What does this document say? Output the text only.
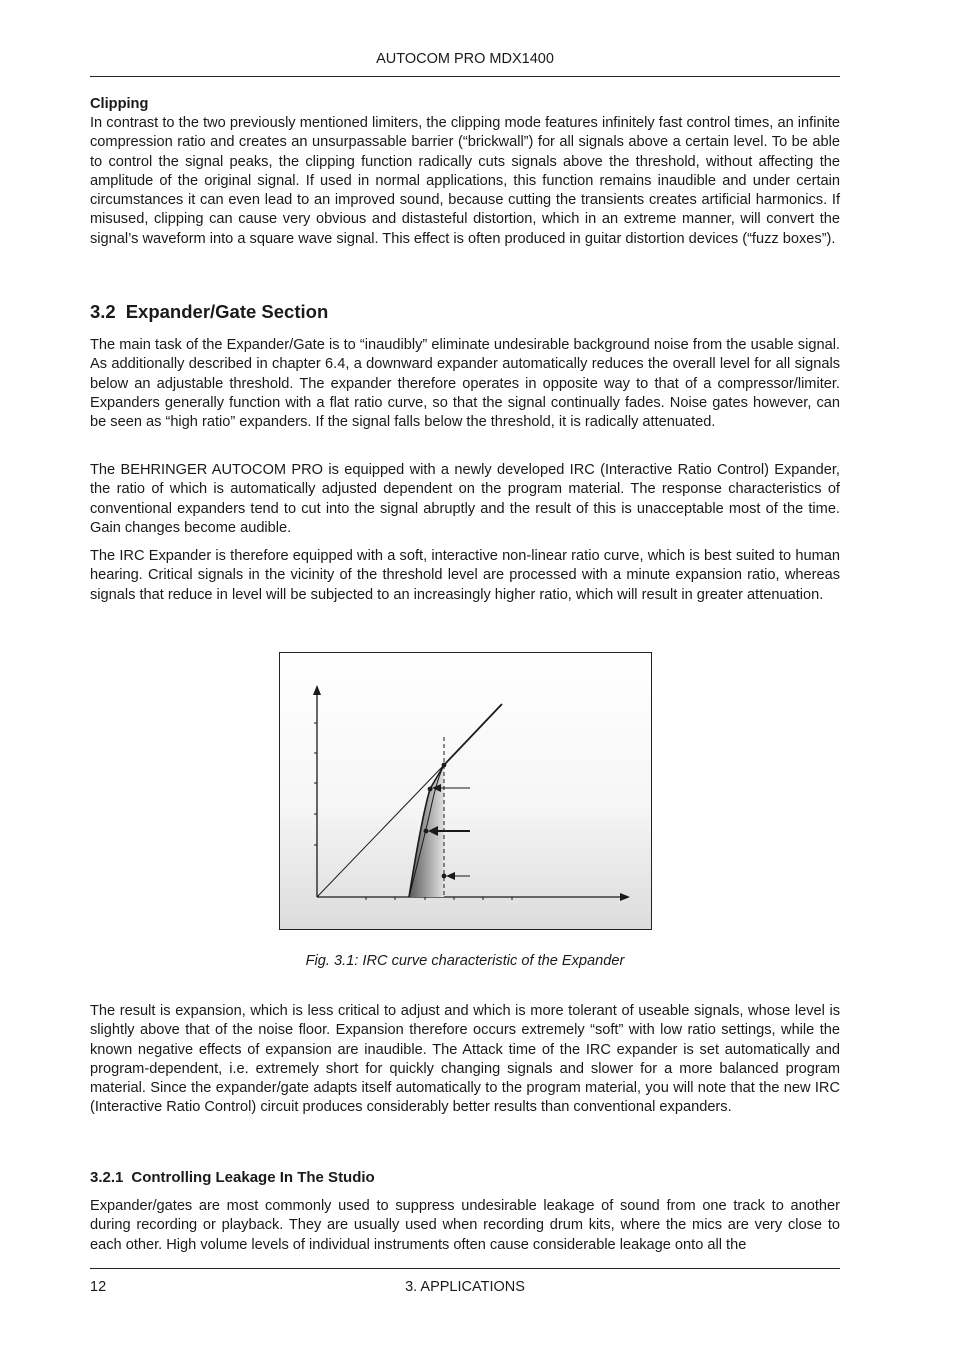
AUTOCOM PRO MDX1400
Clipping

In contrast to the two previously mentioned limiters, the clipping mode features infinitely fast control times, an infinite compression ratio and creates an unsurpassable barrier (“brickwall”) for all signals above a certain level. To be able to control the signal peaks, the clipping function radically cuts signals above the threshold, without affecting the amplitude of the original signal. If used in normal applications, this function remains inaudible and under certain circumstances it can even lead to an improved sound, because cutting the transients creates artificial harmonics. If misused, clipping can cause very obvious and distasteful distortion, which in an extreme manner, will convert the signal’s waveform into a square wave signal. This effect is often produced in guitar distortion devices (“fuzz boxes”).

3.2 Expander/Gate Section

The main task of the Expander/Gate is to “inaudibly” eliminate undesirable background noise from the usable signal. As additionally described in chapter 6.4, a downward expander automatically reduces the overall level for all signals below an adjustable threshold. The expander therefore operates in opposite way to that of a compressor/limiter. Expanders generally function with a flat ratio curve, so that the signal continually fades. Noise gates however, can be seen as “high ratio” expanders. If the signal falls below the threshold, it is radically attenuated.

The BEHRINGER AUTOCOM PRO is equipped with a newly developed IRC (Interactive Ratio Control) Expander, the ratio of which is automatically adjusted dependent on the program material. The response characteristics of conventional expanders tend to cut into the signal abruptly and the result of this is unacceptable most of the time. Gain changes become audible.

The IRC Expander is therefore equipped with a soft, interactive non-linear ratio curve, which is best suited to human hearing. Critical signals in the vicinity of the threshold level are processed with a minute expansion ratio, whereas signals that reduce in level will be subjected to an increasingly higher ratio, which will result in greater attenuation.

Fig. 3.1: IRC curve characteristic of the Expander

The result is expansion, which is less critical to adjust and which is more tolerant of useable signals, whose level is slightly above that of the noise floor. Expansion therefore occurs extremely “soft” with low ratio settings, while the known negative effects of expansion are inaudible. The Attack time of the IRC expander is set automatically and program-dependent, i.e. extremely short for quickly changing signals and slower for a more balanced program material. Since the expander/gate adapts itself automatically to the program material, you will note that the new IRC (Interactive Ratio Control) circuit produces considerably better results than conventional expanders.

3.2.1 Controlling Leakage In The Studio

Expander/gates are most commonly used to suppress undesirable leakage of sound from one track to another during recording or playback. They are usually used when recording drum kits, where the mics are very close to each other. High volume levels of individual instruments often cause considerable leakage onto all the

12	3. APPLICATIONS
